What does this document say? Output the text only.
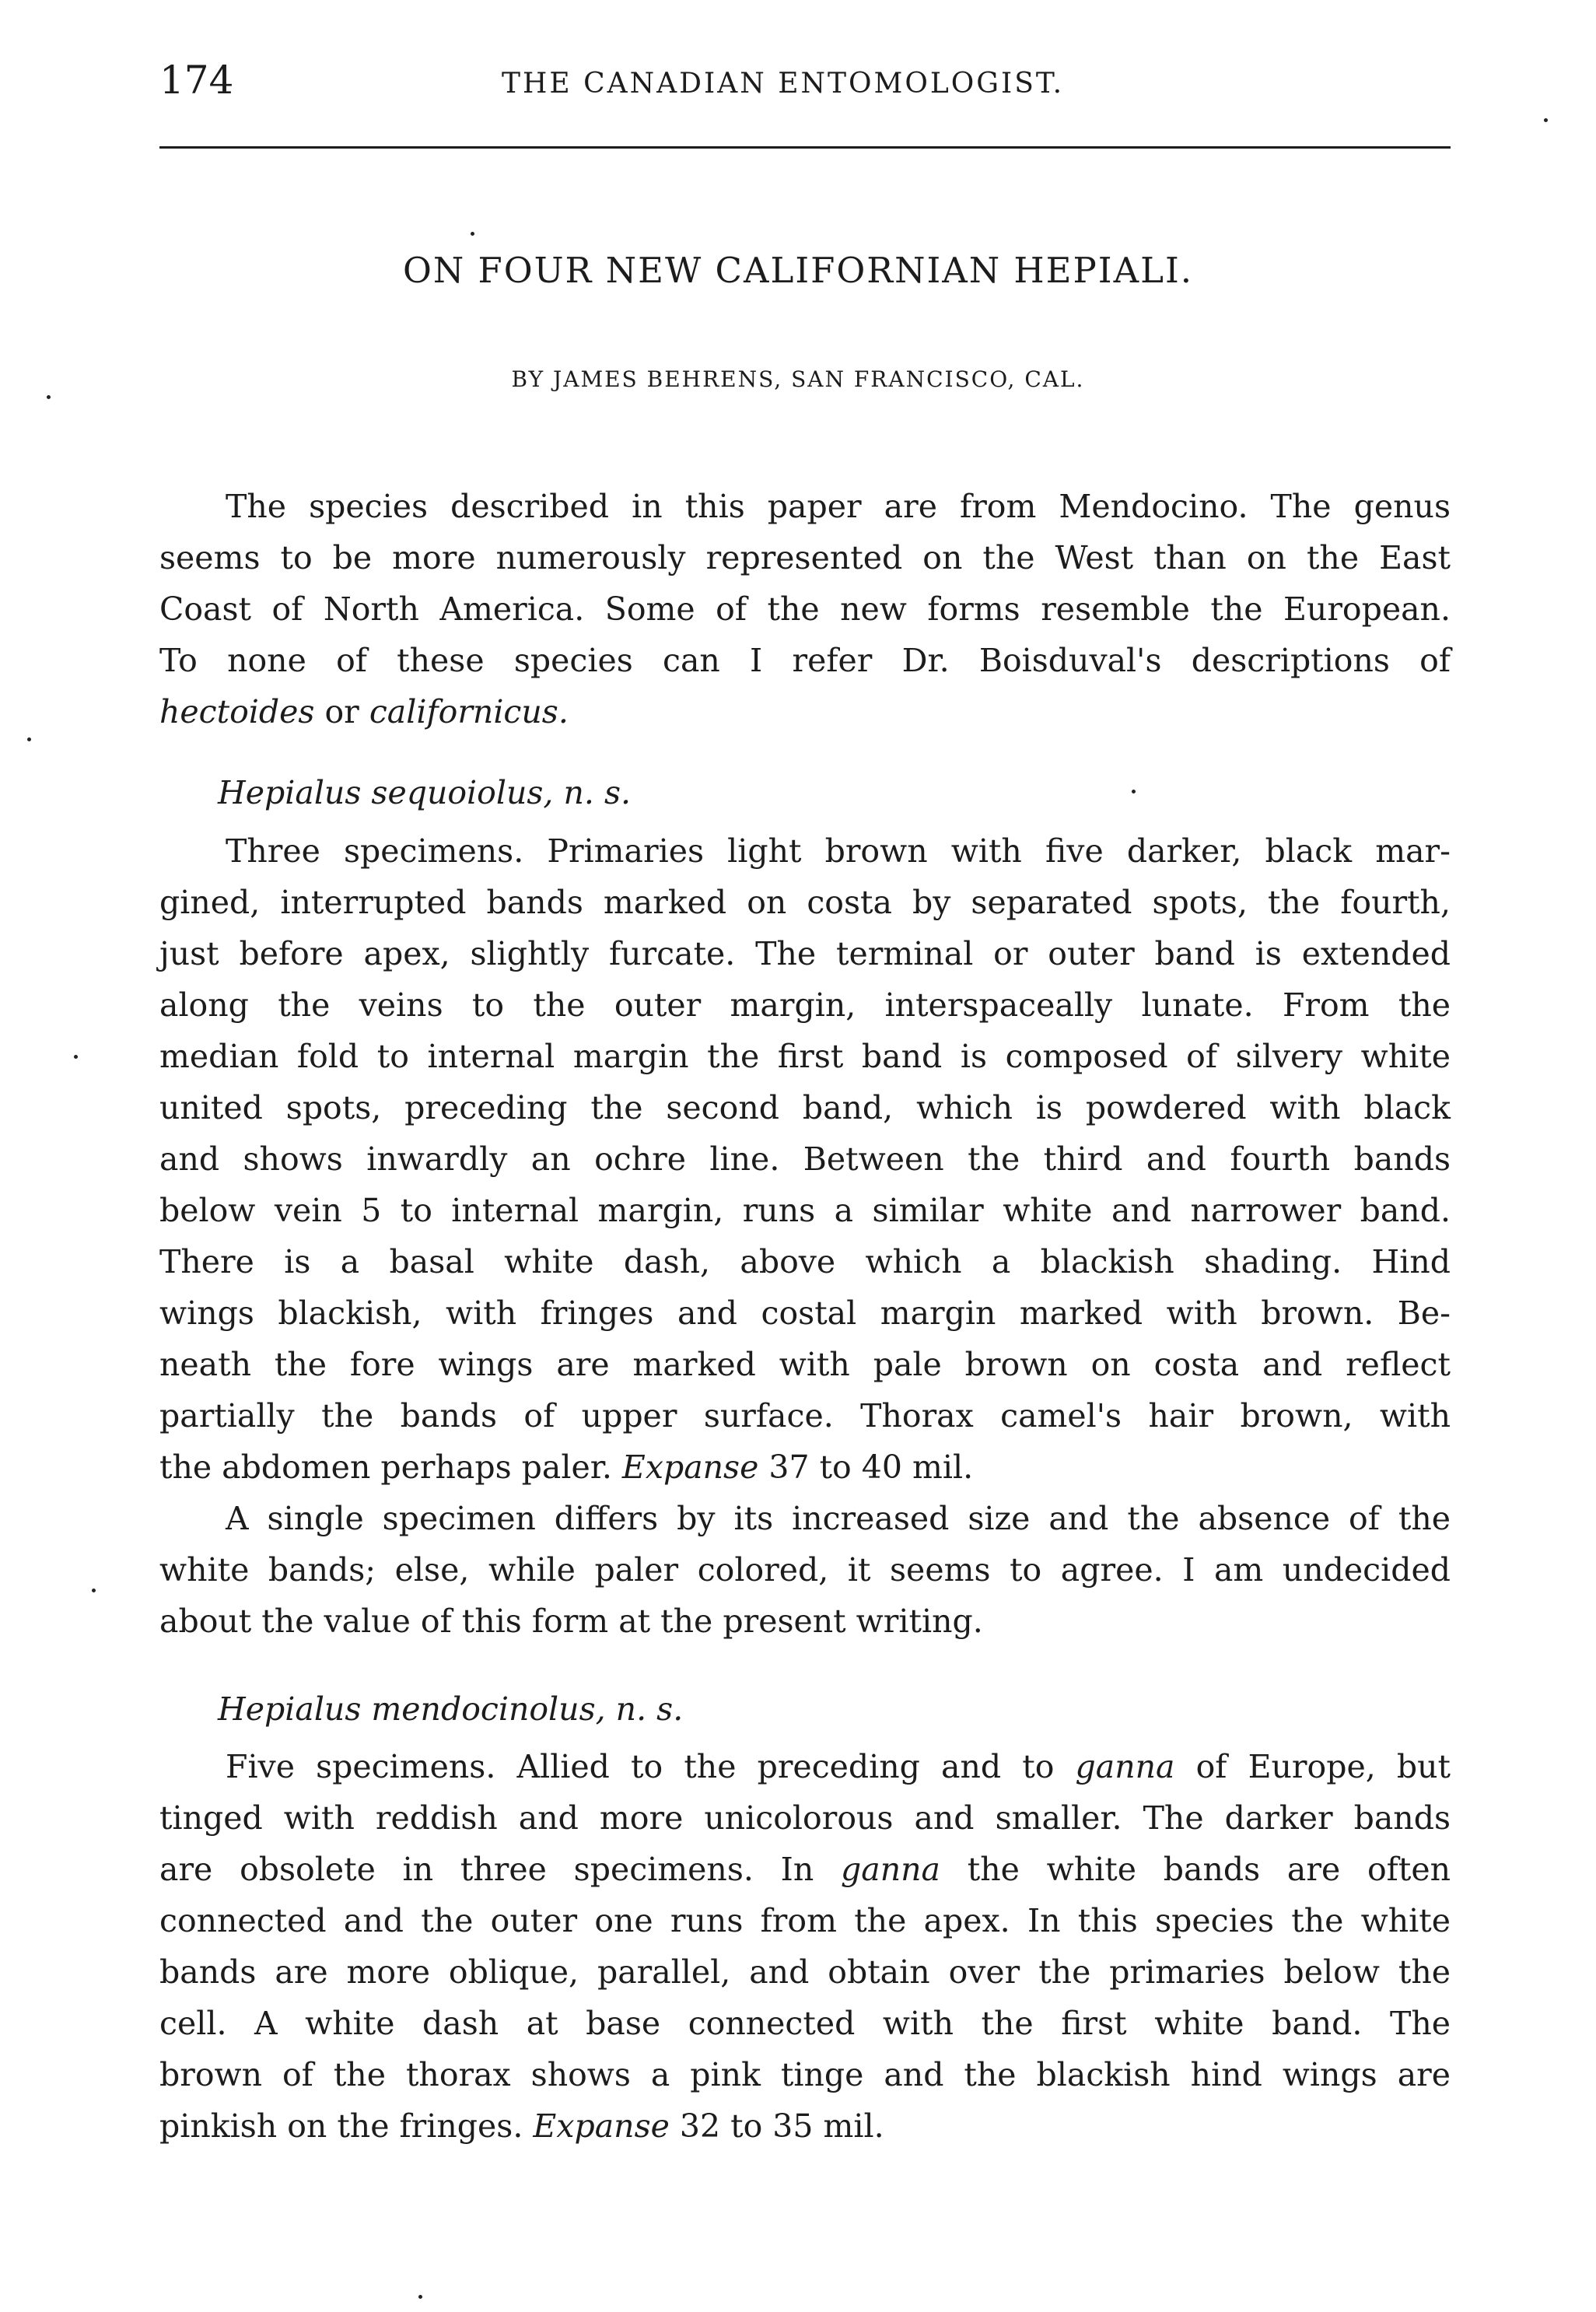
174	THE CANADIAN ENTOMOLOGIST.
ON FOUR NEW CALIFORNIAN HEPIALI.
BY JAMES BEHRENS, SAN FRANCISCO, CAL.
The species described in this paper are from Mendocino. The genus
seems to be more numerously represented on the West than on the East
Coast of North America. Some of the new forms resemble the European.
To none of these species can I refer Dr. Boisduval's descriptions of
hectoides or californicus.
Hepialus sequoiolus, n. s.
Three specimens. Primaries light brown with five darker, black mar-
gined, interrupted bands marked on costa by separated spots, the fourth,
just before apex, slightly furcate. The terminal or outer band is extended
along the veins to the outer margin, interspaceally lunate. From the
median fold to internal margin the first band is composed of silvery white
united spots, preceding the second band, which is powdered with black
and shows inwardly an ochre line. Between the third and fourth bands
below vein 5 to internal margin, runs a similar white and narrower band.
There is a basal white dash, above which a blackish shading. Hind
wings blackish, with fringes and costal margin marked with brown. Be-
neath the fore wings are marked with pale brown on costa and reflect
partially the bands of upper surface. Thorax camel's hair brown, with
the abdomen perhaps paler. Expanse 37 to 40 mil.
A single specimen differs by its increased size and the absence of the
white bands; else, while paler colored, it seems to agree. I am undecided
about the value of this form at the present writing.
Hepialus mendocinolus, n. s.
Five specimens. Allied to the preceding and to ganna of Europe, but
tinged with reddish and more unicolorous and smaller. The darker bands
are obsolete in three specimens. In ganna the white bands are often
connected and the outer one runs from the apex. In this species the white
bands are more oblique, parallel, and obtain over the primaries below the
cell. A white dash at base connected with the first white band. The
brown of the thorax shows a pink tinge and the blackish hind wings are
pinkish on the fringes. Expanse 32 to 35 mil.
